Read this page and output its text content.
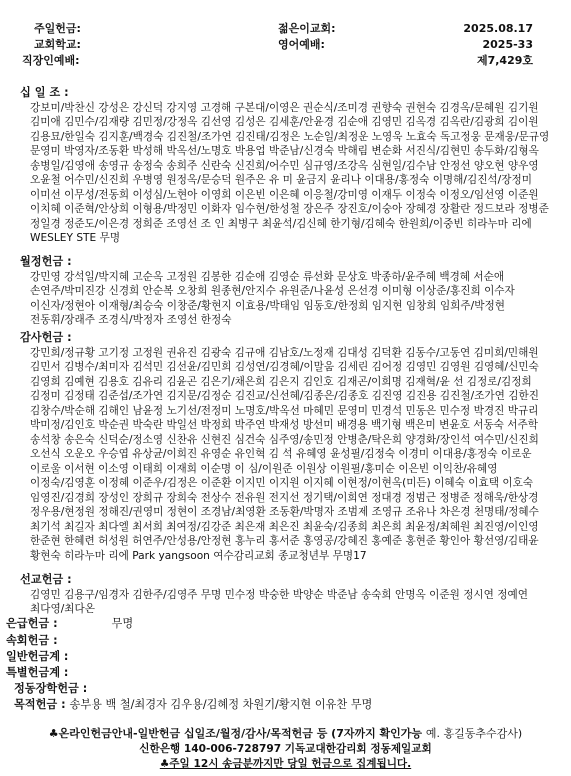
주일헌금:
교회학교:
직장인예배:
젊은이교회:
영어예배:
2025.08.17
2025-33
제7,429호
십 일 조 :
강보미/박찬신 강성은 강신덕 강지영 고경해 구본대/이영은 권순식/조미경 권향숙 권현숙 김경옥/문혜원 김기원 김미애 김민수/김재량 김민정/강정옥 김선영 김성은 김세훈/안윤경 김순애 김영민 김옥경 김옥란/김광희 김이원 김용묘/한일숙 김지훈/백경숙 김진철/조가연 김진태/김정은 노순일/최정운 노영욱 노효숙 독고정웅 문재웅/문규영 문영미 박영자/조동환 박성해 박옥선/노명호 박용업 박준남/신경숙 박해림 변순화 서진식/김현민 송두화/김형옥 송병일/김영애 송영규 송정숙 송희주 신란숙 신진희/어수민 심규영/조강옥 심현일/김수남 안정선 양오현 양우영 오윤철 어수민/신진희 우병영 원정옥/문승덕 원주은 유 미 윤금지 윤리나 이대용/홍정숙 이명해/김진석/장정미 이미선 이무성/전동희 이성심/노현아 이영희 이은빈 이은혜 이응철/강미영 이재두 이정숙 이정오/임선영 이준원 이치혜 이준혁/안상희 이형용/박정민 이화자 임수현/한성철 장은주 장진호/이숭아 장혜경 장활란 정드보라 정병준 정일경 정준도/이은경 정희준 조영선 조 인 최병구 최윤석/김신혜 한기형/김혜숙 한원희/이중빈 히라누마 리에 WESLEY STE 무명
월정헌금 :
강민영 강석일/박지혜 고순옥 고정원 김봉한 김순애 김영순 류선화 문상호 박종하/윤주혜 백경혜 서순애 손연주/박미진강 신경희 안순복 오창희 원종현/안지수 유원준/나윤성 은선경 이미형 이상준/홍진희 이수자 이신자/정현아 이재형/최승숙 이창준/황현지 이효용/박태임 임동호/한정희 임지현 임창희 임희주/박정현 전동휘/장래주 조경식/박정자 조영선 한정숙
감사헌금 :
강민희/정규황 고기정 고정원 권유진 김광숙 김규애 김남호/노정재 김대성 김덕환 김동수/고동연 김미희/민해원 김민서 김병수/최미자 김석민 김선윤/김민희 김성연/김경혜/이말움 김세린 김어정 김영민 김영원 김영혜/신민숙 김영희 김예현 김용호 김유리 김윤곤 김은기/채은희 김은지 김인호 김재곤/이희명 김재혁/윤 선 김정로/김정희 김정미 김정태 김준섭/조가연 김지문/김정순 김진교/신선혜/김종은/김종호 김진영 김진용 김진철/조가연 김한진 김창수/박순해 김해인 남윤정 노기선/전정미 노명호/박옥선 마혜민 문영미 민경석 민동은 민수정 박경진 박규리 박미정/김인호 박순권 박숙란 박일선 박정희 박주연 박재성 방선미 배경용 백기형 백은미 변윤호 서동숙 서주학 송석창 송은숙 신덕순/정소영 신찬유 신현진 심건숙 심주영/송민정 안병춘/탁은희 양경화/장인석 여수민/신진희 오선식 오운오 우승엽 유상균/이희진 유영순 유인혁 김 석 유혜영 윤성필/김정숙 이경미 이대용/홍정숙 이로운 이로울 이서현 이소영 이태희 이재희 이순명 이 심/이원준 이원상 이원필/홍미순 이은빈 이익찬/유혜영 이정숙/김영훈 이정혜 이준우/김정은 이준환 이지민 이지원 이지혜 이현정/이현옥(미든) 이혜숙 이효택 이호숙 임영진/김경희 장성인 장희규 장희숙 전상수 전유원 전지선 정기택/이희연 정대경 정범근 정병준 정해욱/한상경 정우용/현정원 정해진/권영미 정현이 조경남/최영환 조동환/박명자 조범제 조영규 조유나 차은경 천명태/정혜수 최기석 최길자 최다엘 최서희 최여정/김강준 최은재 최은진 최윤숙/김종희 최은희 최윤정/최혜원 최진영/이인영 한준현 한혜련 허성원 허연주/안성용/안정현 홍누리 홍서준 홍영공/강혜진 홍예준 홍현준 황인아 황선영/김태윤 황현숙 히라누마 리에 Park yangsoon 여수감리교회 종교청년부 무명17
선교헌금 :
김영민 김용구/임경자 김한주/김영주 무명 민수정 박숭한 박양순 박준남 송숙희 안명옥 이준원 정시연 정예연 최다영/최다온
은급헌금 :	무명
속회헌금 :
일반헌금계 :
특별헌금계 :
정동장학헌금 :
목적헌금 : 송부용 백 철/최경자 김우용/김혜정 차원기/황지현 이유찬 무명
♣온라인헌금안내-일반헌금 십일조/월정/감사/목적헌금 등 (7자까지 확인가능 예. 홍길동추수감사)
신한은행 140-006-728797 기독교대한감리회 정동제일교회
♣주일 12시 송금분까지만 당일 헌금으로 집계됩니다.
